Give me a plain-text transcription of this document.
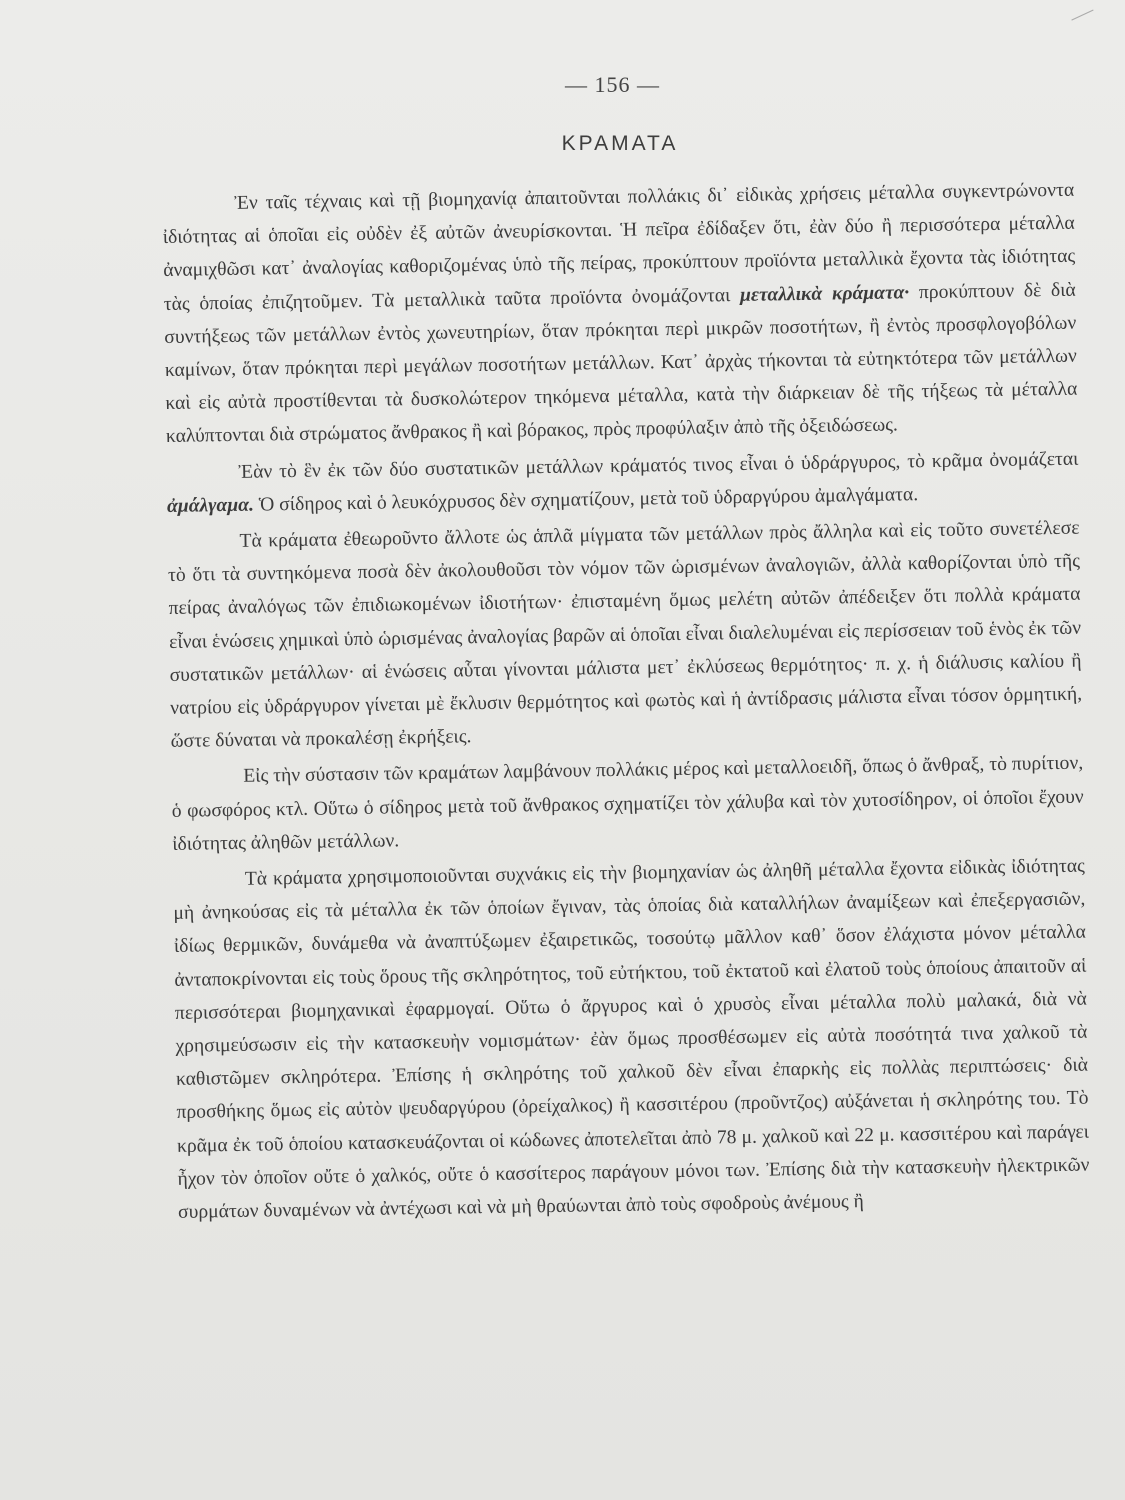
— 156 —
ΚΡΑΜΑΤΑ

Ἐν ταῖς τέχναις καὶ τῇ βιομηχανίᾳ ἀπαιτοῦνται πολλάκις δι᾿ εἰδικὰς χρήσεις μέταλλα συγκεντρώνοντα ἰδιότητας αἱ ὁποῖαι εἰς οὐδὲν ἐξ αὐτῶν ἀνευρίσκονται. Ἡ πεῖρα ἐδίδαξεν ὅτι, ἐὰν δύο ἢ περισσότερα μέταλλα ἀναμιχθῶσι κατ᾿ ἀναλογίας καθοριζομένας ὑπὸ τῆς πείρας, προκύπτουν προϊόντα μεταλλικὰ ἔχοντα τὰς ἰδιότητας τὰς ὁποίας ἐπιζητοῦμεν. Τὰ μεταλλικὰ ταῦτα προϊόντα ὀνομάζονται μεταλλικὰ κράματα· προκύπτουν δὲ διὰ συντήξεως τῶν μετάλλων ἐντὸς χωνευτηρίων, ὅταν πρόκηται περὶ μικρῶν ποσοτήτων, ἢ ἐντὸς προσφλογοβόλων καμίνων, ὅταν πρόκηται περὶ μεγάλων ποσοτήτων μετάλλων. Κατ᾿ ἀρχὰς τήκονται τὰ εὐτηκτότερα τῶν μετάλλων καὶ εἰς αὐτὰ προστίθενται τὰ δυσκολώτερον τηκόμενα μέταλλα, κατὰ τὴν διάρκειαν δὲ τῆς τήξεως τὰ μέταλλα καλύπτονται διὰ στρώματος ἄνθρακος ἢ καὶ βόρακος, πρὸς προφύλαξιν ἀπὸ τῆς ὀξειδώσεως.

Ἐὰν τὸ ἓν ἐκ τῶν δύο συστατικῶν μετάλλων κράματός τινος εἶναι ὁ ὑδράργυρος, τὸ κρᾶμα ὀνομάζεται ἀμάλγαμα. Ὁ σίδηρος καὶ ὁ λευκόχρυσος δὲν σχηματίζουν, μετὰ τοῦ ὑδραργύρου ἀμαλγάματα.

Τὰ κράματα ἐθεωροῦντο ἄλλοτε ὡς ἁπλᾶ μίγματα τῶν μετάλλων πρὸς ἄλληλα καὶ εἰς τοῦτο συνετέλεσε τὸ ὅτι τὰ συντηκόμενα ποσὰ δὲν ἀκολουθοῦσι τὸν νόμον τῶν ὡρισμένων ἀναλογιῶν, ἀλλὰ καθορίζονται ὑπὸ τῆς πείρας ἀναλόγως τῶν ἐπιδιωκομένων ἰδιοτήτων· ἐπισταμένη ὅμως μελέτη αὐτῶν ἀπέδειξεν ὅτι πολλὰ κράματα εἶναι ἑνώσεις χημικαὶ ὑπὸ ὡρισμένας ἀναλογίας βαρῶν αἱ ὁποῖαι εἶναι διαλελυμέναι εἰς περίσσειαν τοῦ ἑνὸς ἐκ τῶν συστατικῶν μετάλλων· αἱ ἑνώσεις αὗται γίνονται μάλιστα μετ᾿ ἐκλύσεως θερμότητος· π. χ. ἡ διάλυσις καλίου ἢ νατρίου εἰς ὑδράργυρον γίνεται μὲ ἔκλυσιν θερμότητος καὶ φωτὸς καὶ ἡ ἀντίδρασις μάλιστα εἶναι τόσον ὁρμητική, ὥστε δύναται νὰ προκαλέσῃ ἐκρήξεις.

Εἰς τὴν σύστασιν τῶν κραμάτων λαμβάνουν πολλάκις μέρος καὶ μεταλλοειδῆ, ὅπως ὁ ἄνθραξ, τὸ πυρίτιον, ὁ φωσφόρος κτλ. Οὕτω ὁ σίδηρος μετὰ τοῦ ἄνθρακος σχηματίζει τὸν χάλυβα καὶ τὸν χυτοσίδηρον, οἱ ὁποῖοι ἔχουν ἰδιότητας ἀληθῶν μετάλλων.

Τὰ κράματα χρησιμοποιοῦνται συχνάκις εἰς τὴν βιομηχανίαν ὡς ἀληθῆ μέταλλα ἔχοντα εἰδικὰς ἰδιότητας μὴ ἀνηκούσας εἰς τὰ μέταλλα ἐκ τῶν ὁποίων ἔγιναν, τὰς ὁποίας διὰ καταλλήλων ἀναμίξεων καὶ ἐπεξεργασιῶν, ἰδίως θερμικῶν, δυνάμεθα νὰ ἀναπτύξωμεν ἐξαιρετικῶς, τοσούτῳ μᾶλλον καθ᾿ ὅσον ἐλάχιστα μόνον μέταλλα ἀνταποκρίνονται εἰς τοὺς ὅρους τῆς σκληρότητος, τοῦ εὐτήκτου, τοῦ ἐκτατοῦ καὶ ἐλατοῦ τοὺς ὁποίους ἀπαιτοῦν αἱ περισσότεραι βιομηχανικαὶ ἐφαρμογαί. Οὕτω ὁ ἄργυρος καὶ ὁ χρυσὸς εἶναι μέταλλα πολὺ μαλακά, διὰ νὰ χρησιμεύσωσιν εἰς τὴν κατασκευὴν νομισμάτων· ἐὰν ὅμως προσθέσωμεν εἰς αὐτὰ ποσότητά τινα χαλκοῦ τὰ καθιστῶμεν σκληρότερα. Ἐπίσης ἡ σκληρότης τοῦ χαλκοῦ δὲν εἶναι ἐπαρκὴς εἰς πολλὰς περιπτώσεις· διὰ προσθήκης ὅμως εἰς αὐτὸν ψευδαργύρου (ὀρείχαλκος) ἢ κασσιτέρου (προῦντζος) αὐξάνεται ἡ σκληρότης του. Τὸ κρᾶμα ἐκ τοῦ ὁποίου κατασκευάζονται οἱ κώδωνες ἀποτελεῖται ἀπὸ 78 μ. χαλκοῦ καὶ 22 μ. κασσιτέρου καὶ παράγει ἦχον τὸν ὁποῖον οὔτε ὁ χαλκός, οὔτε ὁ κασσίτερος παράγουν μόνοι των. Ἐπίσης διὰ τὴν κατασκευὴν ἠλεκτρικῶν συρμάτων δυναμένων νὰ ἀντέχωσι καὶ νὰ μὴ θραύωνται ἀπὸ τοὺς σφοδροὺς ἀνέμους ἢ
